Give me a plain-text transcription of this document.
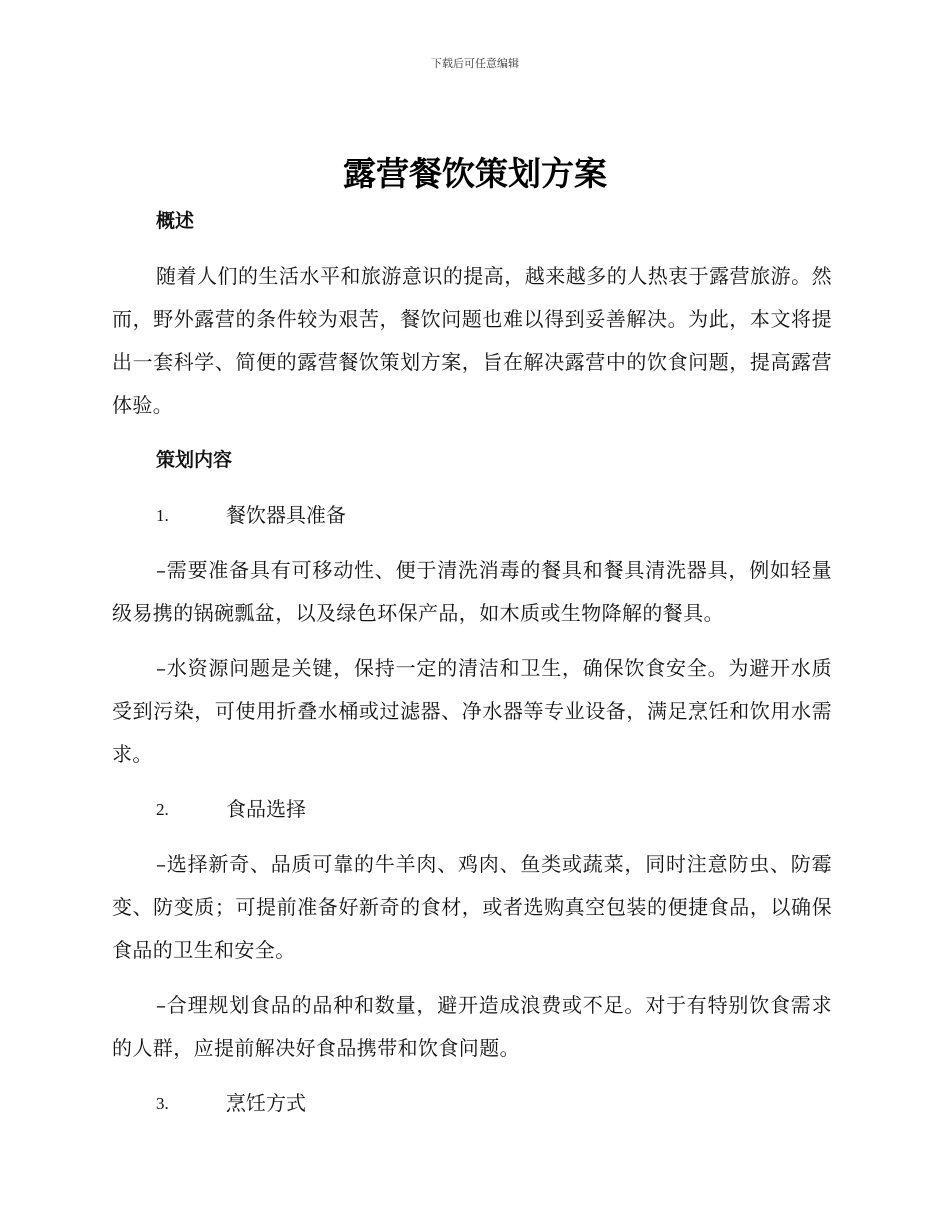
下载后可任意编辑
露营餐饮策划方案

概述

随着人们的生活水平和旅游意识的提高，越来越多的人热衷于露营旅游。然而，野外露营的条件较为艰苦，餐饮问题也难以得到妥善解决。为此，本文将提出一套科学、简便的露营餐饮策划方案，旨在解决露营中的饮食问题，提高露营体验。

策划内容

1.	餐饮器具准备

–需要准备具有可移动性、便于清洗消毒的餐具和餐具清洗器具，例如轻量级易携的锅碗瓢盆，以及绿色环保产品，如木质或生物降解的餐具。

–水资源问题是关键，保持一定的清洁和卫生，确保饮食安全。为避开水质受到污染，可使用折叠水桶或过滤器、净水器等专业设备，满足烹饪和饮用水需求。

2.	食品选择

–选择新奇、品质可靠的牛羊肉、鸡肉、鱼类或蔬菜，同时注意防虫、防霉变、防变质；可提前准备好新奇的食材，或者选购真空包装的便捷食品，以确保食品的卫生和安全。

–合理规划食品的品种和数量，避开造成浪费或不足。对于有特别饮食需求的人群，应提前解决好食品携带和饮食问题。

3.	烹饪方式
